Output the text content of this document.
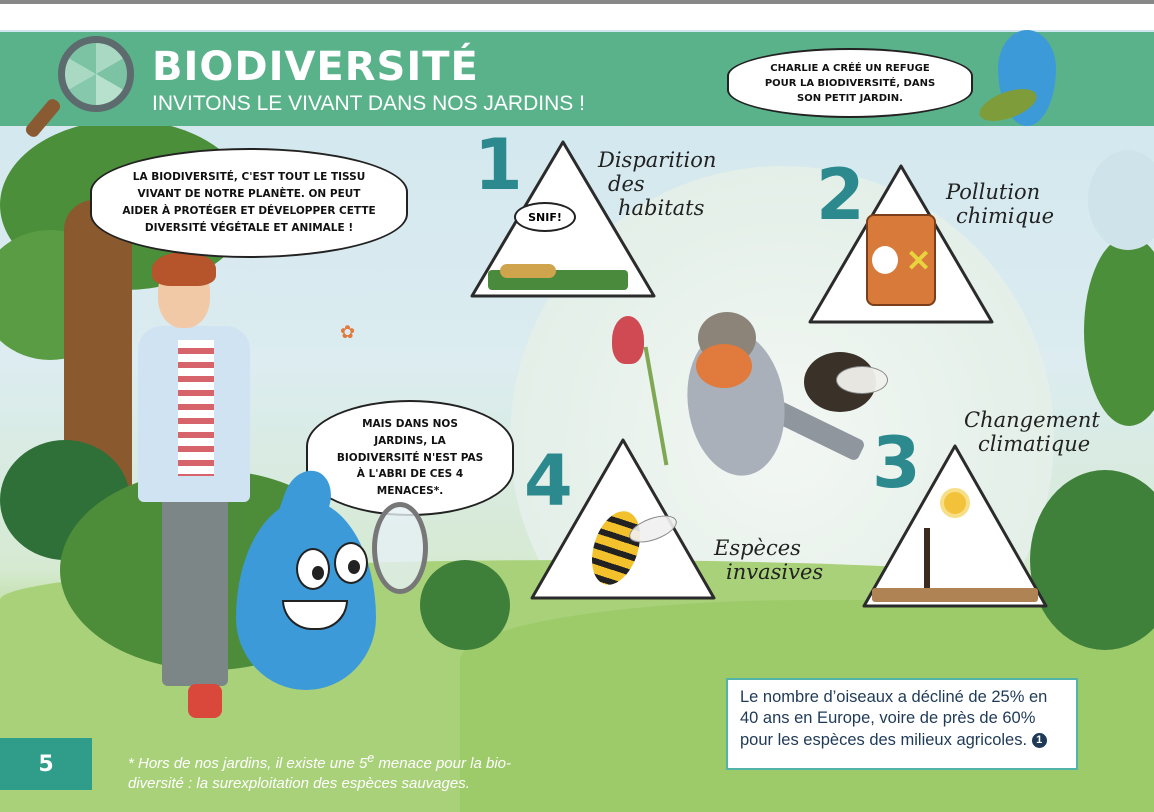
BIODIVERSITÉ
INVITONS LE VIVANT DANS NOS JARDINS !
CHARLIE A CRÉÉ UN REFUGE POUR LA BIODIVERSITÉ, DANS SON PETIT JARDIN.
✿
LA BIODIVERSITÉ, C'EST TOUT LE TISSU VIVANT DE NOTRE PLANÈTE. ON PEUT AIDER À PROTÉGER ET DÉVELOPPER CETTE DIVERSITÉ VÉGÉTALE ET ANIMALE !
MAIS DANS NOS JARDINS, LA BIODIVERSITÉ N'EST PAS À L'ABRI DE CES 4 MENACES*.
SNIF!
✕
1	2
3
4
Disparition
des
habitats
Pollution
chimique
Changement
climatique
Espèces
invasives
5	* Hors de nos jardins, il existe une 5e menace pour la bio-diversité : la surexploitation des espèces sauvages.
Le nombre d’oiseaux a décliné de 25% en 40 ans en Europe, voire de près de 60% pour les espèces des milieux agricoles. 1
